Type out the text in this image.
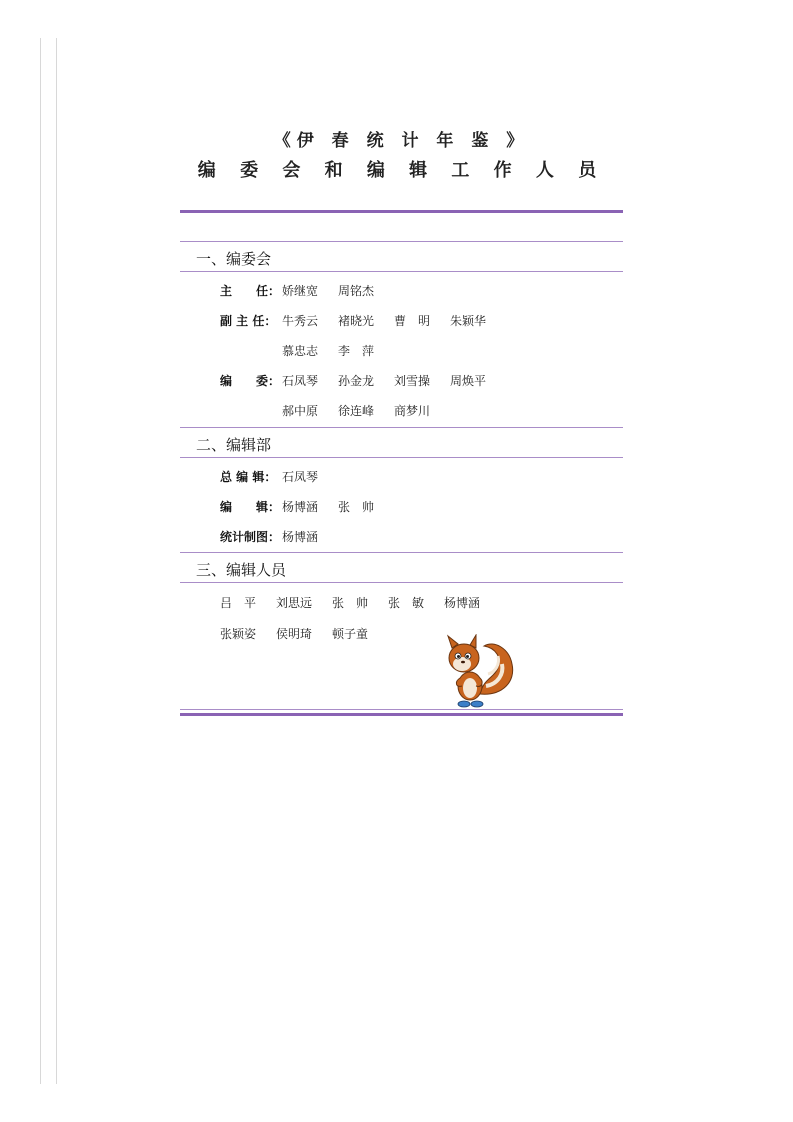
《伊 春 统 计 年 鉴 》
编 委 会 和 编 辑 工 作 人 员
一、编委会
主　　任： 娇继宽 周铭杰
副 主 任： 牛秀云 褚晓光 曹　明 朱颖华
慕忠志 李　萍
编　　委： 石凤琴 孙金龙 刘雪操 周焕平
郝中原 徐连峰 商梦川
二、编辑部
总 编 辑： 石凤琴
编　　辑： 杨博涵 张　帅
统计制图： 杨博涵
三、编辑人员
吕　平 刘思远 张　帅 张　敏 杨博涵
张颖姿 侯明琦 顿子童
